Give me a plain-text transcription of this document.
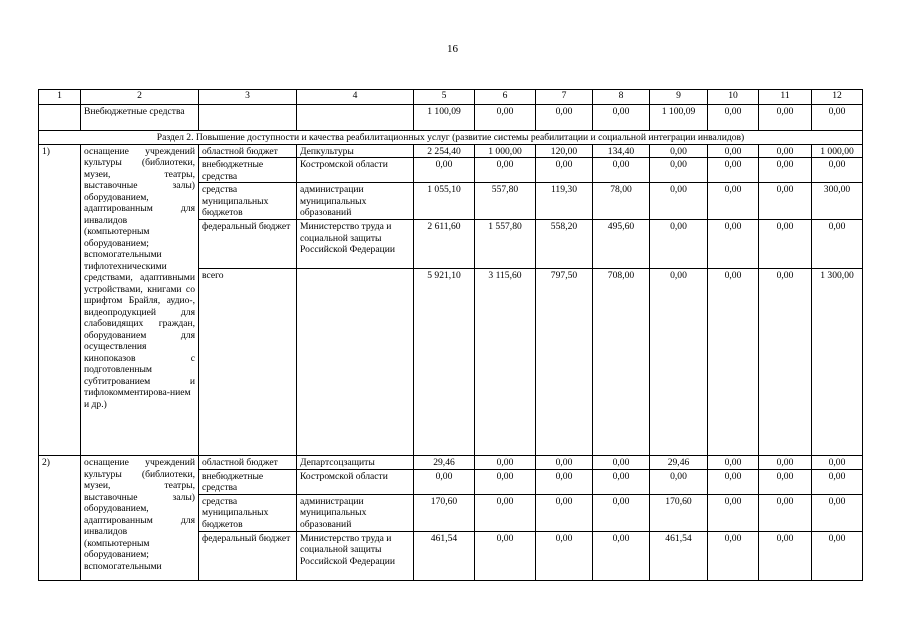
16
1	2	3	4	5	6	7	8	9	10	11	12
	Внебюджетные средства			1 100,09	0,00	0,00	0,00	1 100,09	0,00	0,00	0,00
Раздел 2. Повышение доступности и качества реабилитационных услуг (развитие системы реабилитации и социальной интеграции инвалидов)											
1)	оснащение учреждений культуры (библиотеки, музеи, театры, выставочные залы) оборудованием, адаптированным для инвалидов (компьютерным оборудованием; вспомогательными тифлотехническими средствами, адаптивными устройствами, книгами со шрифтом Брайля, аудио-, видеопродукцией для слабовидящих граждан, оборудованием для осуществления кинопоказов с подготовленным субтитрованием и тифлокомментирова-нием и др.)	областной бюджет	Депкультуры	2 254,40	1 000,00	120,00	134,40	0,00	0,00	0,00	1 000,00
		внебюджетные средства	Костромской области	0,00	0,00	0,00	0,00	0,00	0,00	0,00	0,00
		средства муниципальных бюджетов	администрации муниципальных образований	1 055,10	557,80	119,30	78,00	0,00	0,00	0,00	300,00
		федеральный бюджет	Министерство труда и социальной защиты Российской Федерации	2 611,60	1 557,80	558,20	495,60	0,00	0,00	0,00	0,00
		всего		5 921,10	3 115,60	797,50	708,00	0,00	0,00	0,00	1 300,00
2)	оснащение учреждений культуры (библиотеки, музеи, театры, выставочные залы) оборудованием, адаптированным для инвалидов (компьютерным оборудованием; вспомогательными	областной бюджет	Департсоцзащиты	29,46	0,00	0,00	0,00	29,46	0,00	0,00	0,00
		внебюджетные средства	Костромской области	0,00	0,00	0,00	0,00	0,00	0,00	0,00	0,00
		средства муниципальных бюджетов	администрации муниципальных образований	170,60	0,00	0,00	0,00	170,60	0,00	0,00	0,00
		федеральный бюджет	Министерство труда и социальной защиты Российской Федерации	461,54	0,00	0,00	0,00	461,54	0,00	0,00	0,00
